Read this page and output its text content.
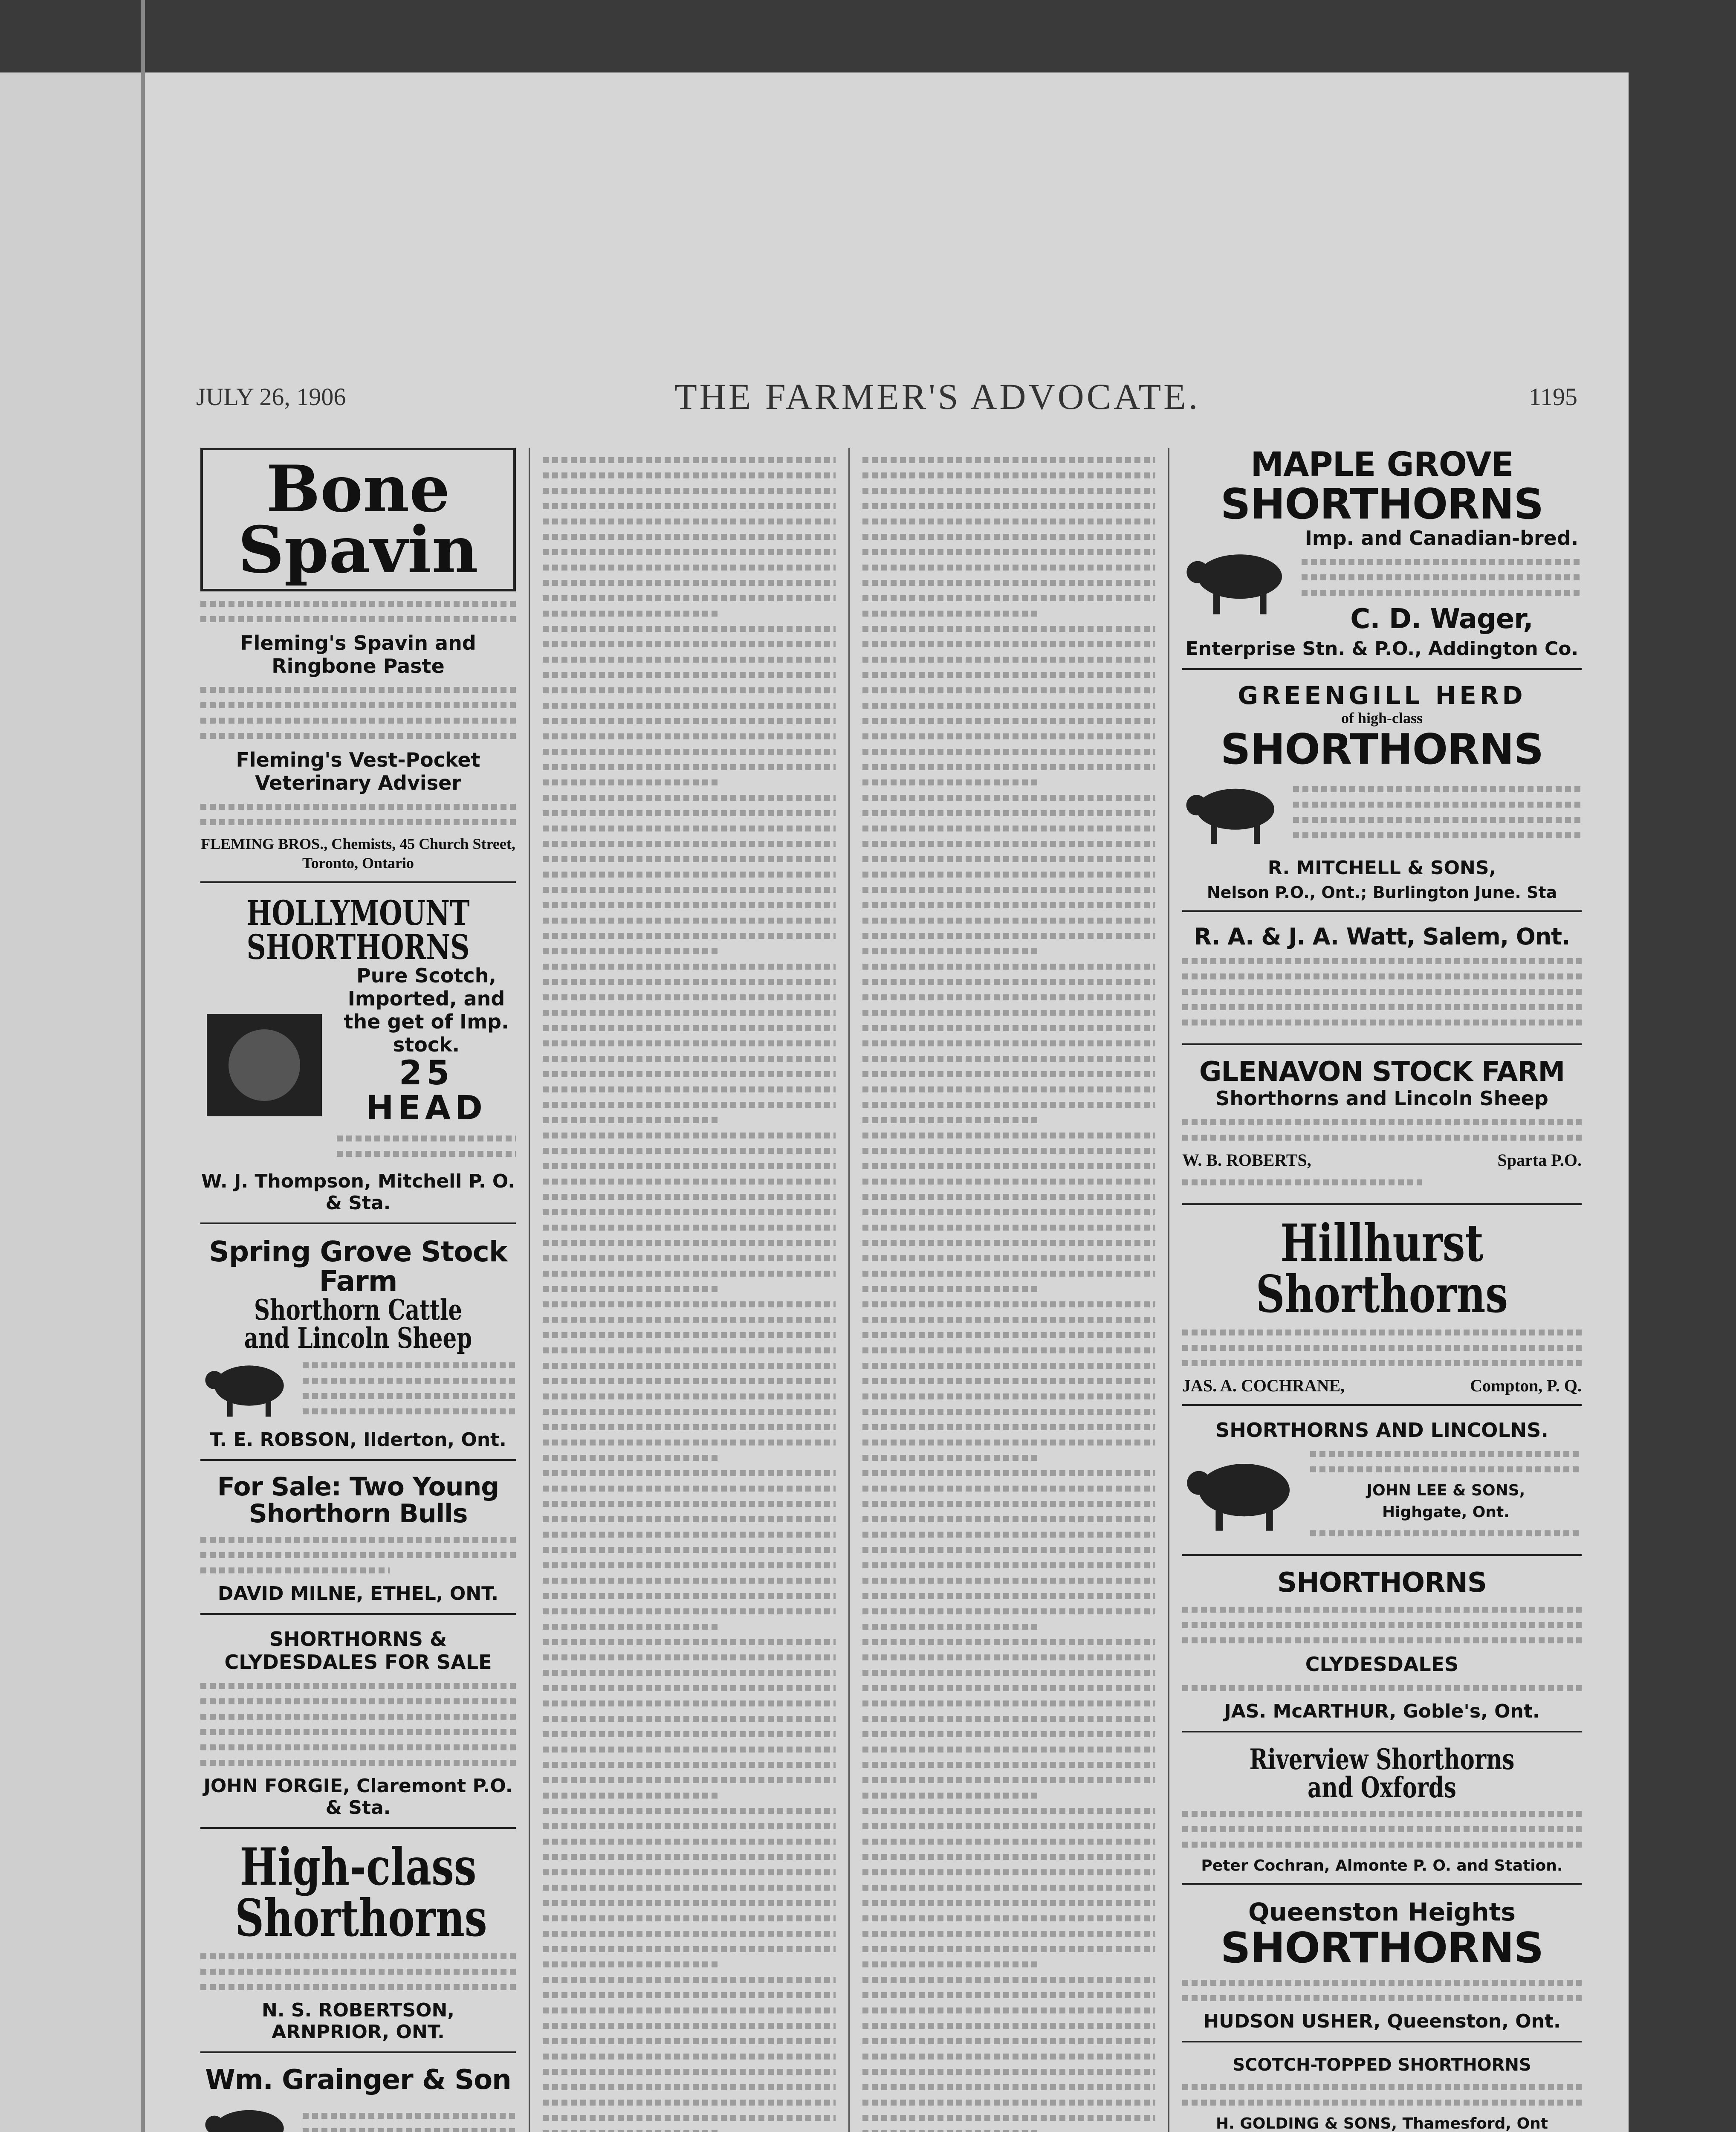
JULY 26, 1906	THE FARMER'S ADVOCATE.	1195
Bone Spavin
Fleming's Spavin and Ringbone Paste
Fleming's Vest-Pocket Veterinary Adviser
FLEMING BROS., Chemists, 45 Church Street, Toronto, Ontario
HOLLYMOUNT SHORTHORNS
Pure Scotch, Imported, and the get of Imp. stock.
25 HEAD
W. J. Thompson, Mitchell P. O. & Sta.
Spring Grove Stock Farm
Shorthorn Cattle and Lincoln Sheep
T. E. ROBSON, Ilderton, Ont.
For Sale: Two Young Shorthorn Bulls
DAVID MILNE, ETHEL, ONT.
SHORTHORNS & CLYDESDALES FOR SALE
JOHN FORGIE, Claremont P.O. & Sta.
High-class Shorthorns
N. S. ROBERTSON, ARNPRIOR, ONT.
Wm. Grainger & Son
MAPLE GROVE
SHORTHORNS
Imp. and Canadian-bred.
C. D. Wager,
Enterprise Stn. & P.O., Addington Co.
GREENGILL HERD
of high-class
SHORTHORNS
R. MITCHELL & SONS,
Nelson P.O., Ont.; Burlington June. Sta
R. A. & J. A. Watt, Salem, Ont.
GLENAVON STOCK FARM
Shorthorns and Lincoln Sheep
W. B. ROBERTS,	Sparta P.O.
Hillhurst Shorthorns
JAS. A. COCHRANE,	Compton, P. Q.
SHORTHORNS AND LINCOLNS.
JOHN LEE & SONS,
Highgate, Ont.
SHORTHORNS
CLYDESDALES
JAS. McARTHUR, Goble's, Ont.
Riverview Shorthorns and Oxfords
Peter Cochran, Almonte P. O. and Station.
Queenston Heights
SHORTHORNS
HUDSON USHER, Queenston, Ont.
SCOTCH-TOPPED SHORTHORNS
H. GOLDING & SONS, Thamesford, Ont
